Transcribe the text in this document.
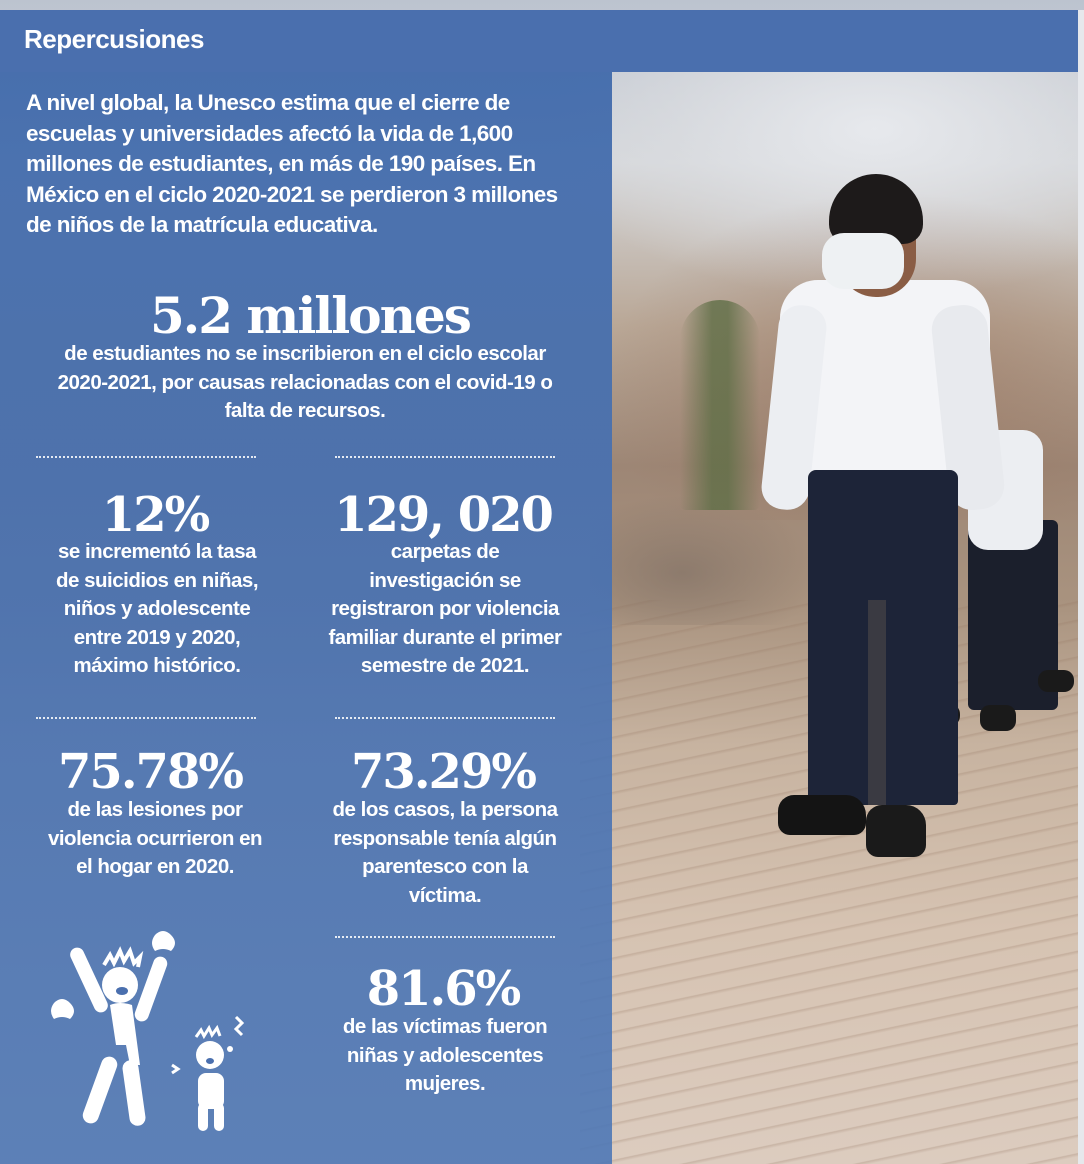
Repercusiones
A nivel global, la Unesco estima que el cierre de escuelas y universidades afectó la vida de 1,600 millones de estudiantes, en más de 190 países. En México en el ciclo 2020-2021 se perdieron 3 millones de niños de la matrícula educativa.
5.2 millones
de estudiantes no se inscribieron en el ciclo escolar 2020-2021, por causas relacionadas con el covid-19 o falta de recursos.
12%
se incrementó la tasa de suicidios en niñas, niños y adolescente entre 2019 y 2020, máximo histórico.
129, 020
carpetas de investigación se registraron por violencia familiar durante el primer semestre de 2021.
75.78%
de las lesiones por violencia ocurrieron en el hogar en 2020.
73.29%
de los casos, la persona responsable tenía algún parentesco con la víctima.
81.6%
de las víctimas fueron niñas y adolescentes mujeres.
